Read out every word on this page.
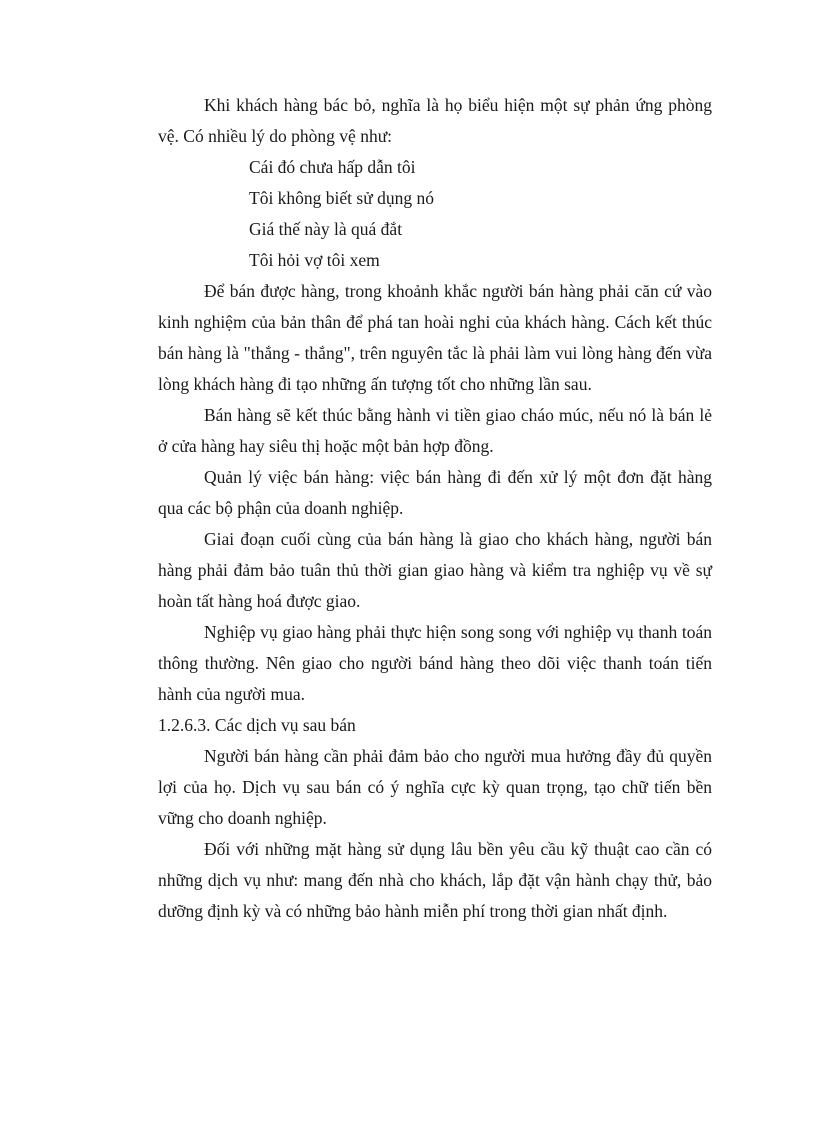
Khi khách hàng bác bỏ, nghĩa là họ biểu hiện một sự phản ứng phòng vệ. Có nhiều lý do phòng vệ như:

Cái đó chưa hấp dẫn tôi
Tôi không biết sử dụng nó
Giá thế này là quá đắt
Tôi hỏi vợ tôi xem

Để bán được hàng, trong khoảnh khắc người bán hàng phải căn cứ vào kinh nghiệm của bản thân để phá tan hoài nghi của khách hàng. Cách kết thúc bán hàng là "thắng - thắng", trên nguyên tắc là phải làm vui lòng hàng đến vừa lòng khách hàng đi tạo những ấn tượng tốt cho những lần sau.

Bán hàng sẽ kết thúc bằng hành vi tiền giao cháo múc, nếu nó là bán lẻ ở cửa hàng hay siêu thị hoặc một bản hợp đồng.

Quản lý việc bán hàng: việc bán hàng đi đến xử lý một đơn đặt hàng qua các bộ phận của doanh nghiệp.

Giai đoạn cuối cùng của bán hàng là giao cho khách hàng, người bán hàng phải đảm bảo tuân thủ thời gian giao hàng và kiểm tra nghiệp vụ về sự hoàn tất hàng hoá được giao.

Nghiệp vụ giao hàng phải thực hiện song song với nghiệp vụ thanh toán thông thường. Nên giao cho người bánd hàng theo dõi việc thanh toán tiến hành của người mua.

1.2.6.3. Các dịch vụ sau bán

Người bán hàng cần phải đảm bảo cho người mua hưởng đầy đủ quyền lợi của họ. Dịch vụ sau bán có ý nghĩa cực kỳ quan trọng, tạo chữ tiến bền vững cho doanh nghiệp.

Đối với những mặt hàng sử dụng lâu bền yêu cầu kỹ thuật cao cần có những dịch vụ như: mang đến nhà cho khách, lắp đặt vận hành chạy thử, bảo dưỡng định kỳ và có những bảo hành miễn phí trong thời gian nhất định.
